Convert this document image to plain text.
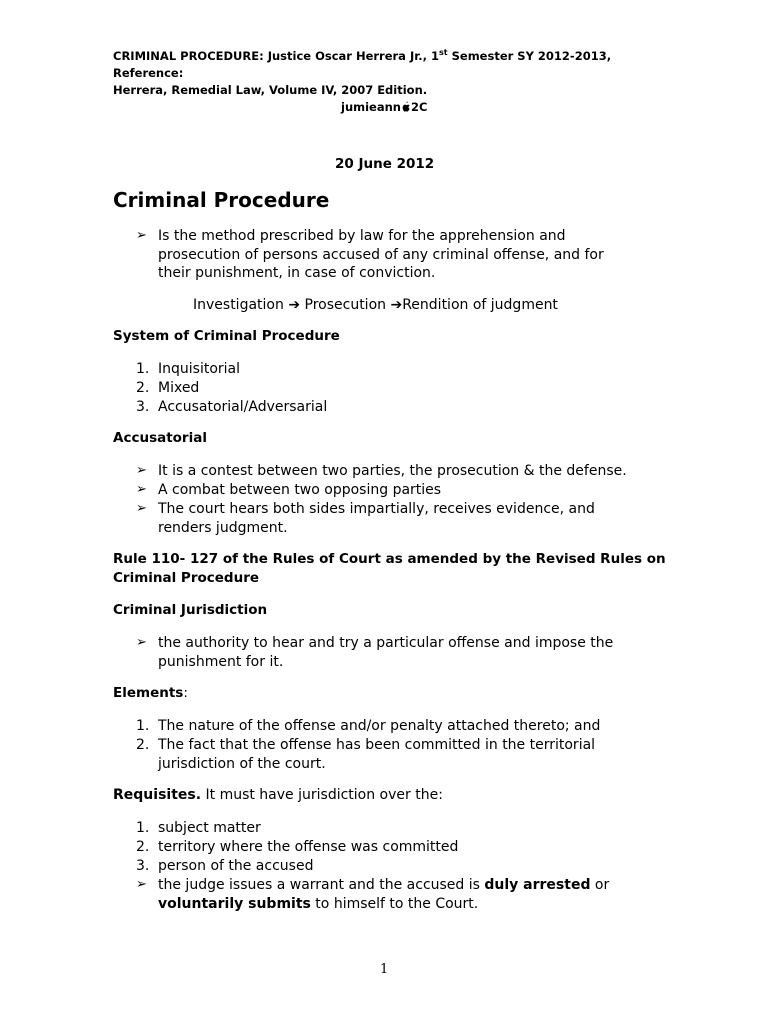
CRIMINAL PROCEDURE: Justice Oscar Herrera Jr., 1st Semester SY 2012-2013, Reference:
Herrera, Remedial Law, Volume IV, 2007 Edition.
jumieann 2C
20 June 2012
Criminal Procedure
➢ Is the method prescribed by law for the apprehension and
prosecution of persons accused of any criminal offense, and for
their punishment, in case of conviction.
Investigation ➔ Prosecution ➔Rendition of judgment
System of Criminal Procedure
1. Inquisitorial
2. Mixed
3. Accusatorial/Adversarial
Accusatorial
➢ It is a contest between two parties, the prosecution & the defense.
➢ A combat between two opposing parties
➢ The court hears both sides impartially, receives evidence, and
renders judgment.
Rule 110- 127 of the Rules of Court as amended by the Revised Rules on
Criminal Procedure
Criminal Jurisdiction
➢ the authority to hear and try a particular offense and impose the
punishment for it.
Elements:
1. The nature of the offense and/or penalty attached thereto; and
2. The fact that the offense has been committed in the territorial
jurisdiction of the court.
Requisites. It must have jurisdiction over the:
1. subject matter
2. territory where the offense was committed
3. person of the accused
➢ the judge issues a warrant and the accused is duly arrested or
voluntarily submits to himself to the Court.
1
